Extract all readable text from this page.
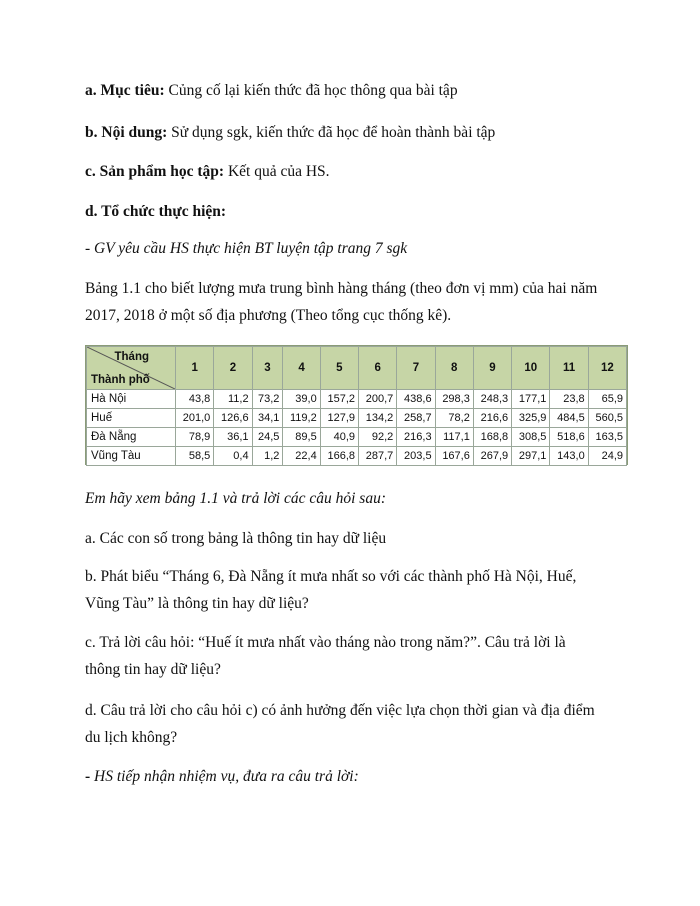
a. Mục tiêu: Củng cố lại kiến thức đã học thông qua bài tập
b. Nội dung: Sử dụng sgk, kiến thức đã học để hoàn thành bài tập
c. Sản phẩm học tập: Kết quả của HS.
d. Tổ chức thực hiện:
- GV yêu cầu HS thực hiện BT luyện tập trang 7 sgk
Bảng 1.1 cho biết lượng mưa trung bình hàng tháng (theo đơn vị mm) của hai năm
2017, 2018 ở một số địa phương (Theo tổng cục thống kê).
Tháng
Thành phố	1	2	3	4	5	6	7	8	9	10	11	12
Hà Nội	43,8	11,2	73,2	39,0	157,2	200,7	438,6	298,3	248,3	177,1	23,8	65,9
Huế	201,0	126,6	34,1	119,2	127,9	134,2	258,7	78,2	216,6	325,9	484,5	560,5
Đà Nẵng	78,9	36,1	24,5	89,5	40,9	92,2	216,3	117,1	168,8	308,5	518,6	163,5
Vũng Tàu	58,5	0,4	1,2	22,4	166,8	287,7	203,5	167,6	267,9	297,1	143,0	24,9
Em hãy xem bảng 1.1 và trả lời các câu hỏi sau:
a. Các con số trong bảng là thông tin hay dữ liệu
b. Phát biểu “Tháng 6, Đà Nẵng ít mưa nhất so với các thành phố Hà Nội, Huế,
Vũng Tàu” là thông tin hay dữ liệu?
c. Trả lời câu hỏi: “Huế ít mưa nhất vào tháng nào trong năm?”. Câu trả lời là
thông tin hay dữ liệu?
d. Câu trả lời cho câu hỏi c) có ảnh hưởng đến việc lựa chọn thời gian và địa điểm
du lịch không?
- HS tiếp nhận nhiệm vụ, đưa ra câu trả lời:
